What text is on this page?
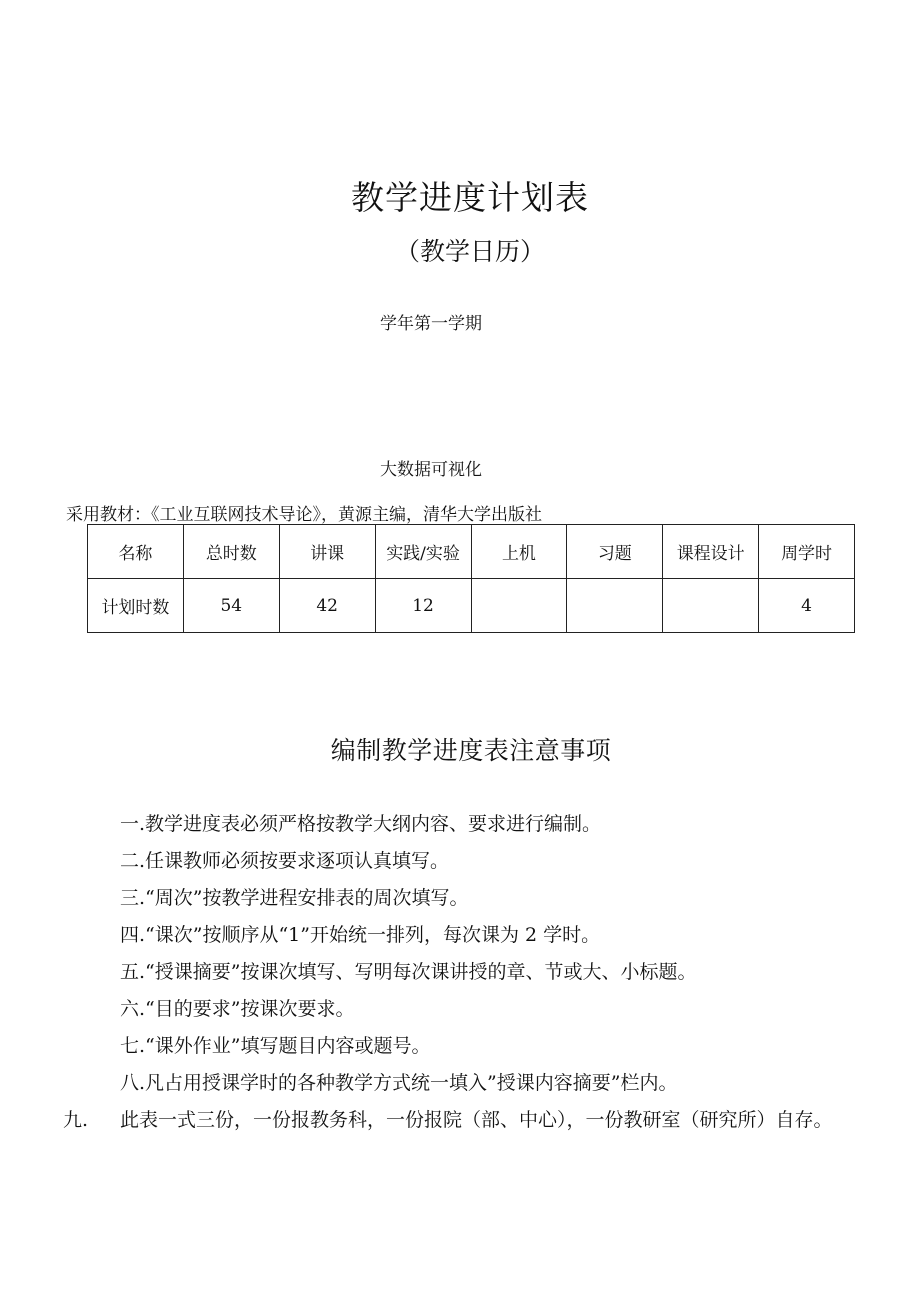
教学进度计划表
（教学日历）
学年第一学期
大数据可视化
采用教材：《工业互联网技术导论》，黄源主编，清华大学出版社
名称	总时数	讲课	实践/实验	上机	习题	课程设计	周学时
计划时数	54	42	12				4
编制教学进度表注意事项
一.教学进度表必须严格按教学大纲内容、要求进行编制。
二.任课教师必须按要求逐项认真填写。
三.“周次”按教学进程安排表的周次填写。
四.“课次”按顺序从“1”开始统一排列，每次课为 2 学时。
五.“授课摘要”按课次填写、写明每次课讲授的章、节或大、小标题。
六.“目的要求”按课次要求。
七.“课外作业”填写题目内容或题号。
八.凡占用授课学时的各种教学方式统一填入”授课内容摘要”栏内。
九. 此表一式三份，一份报教务科，一份报院（部、中心），一份教研室（研究所）自存。
